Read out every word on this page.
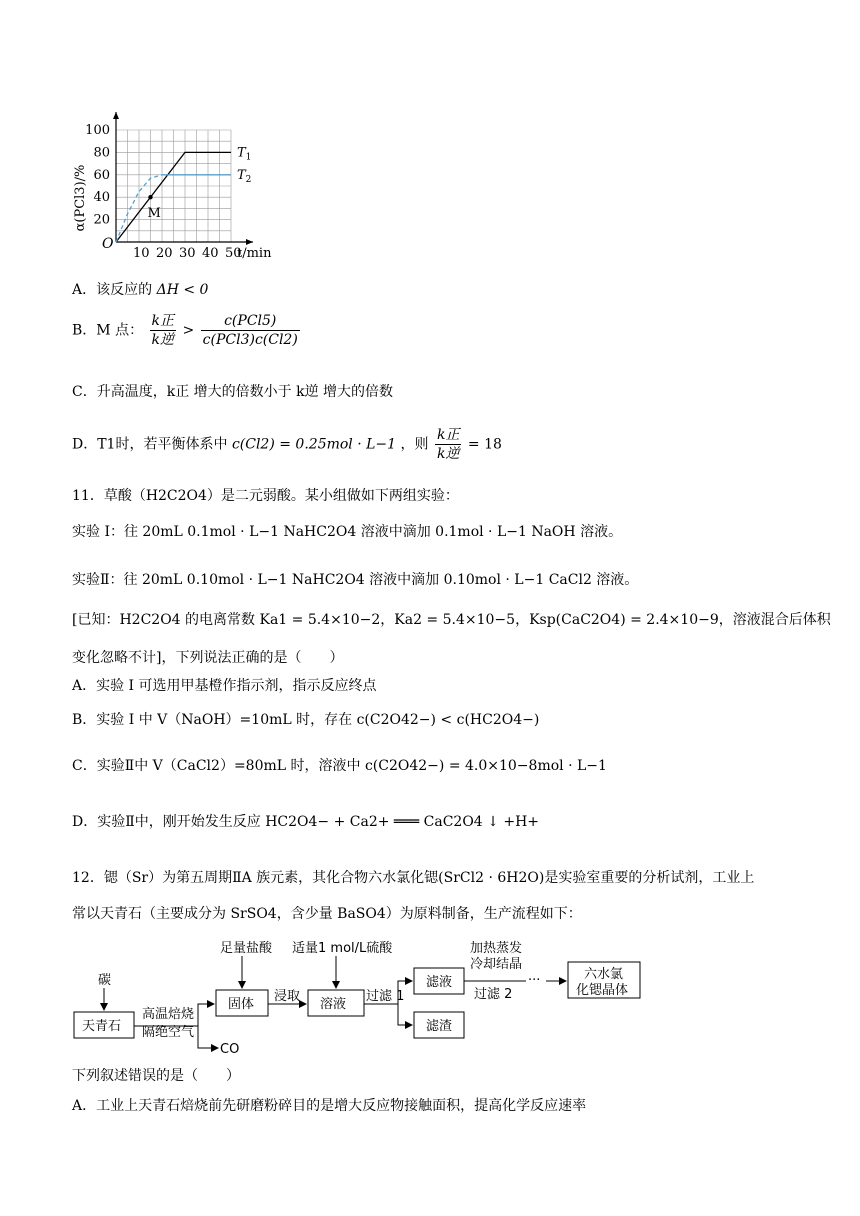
10 20 30 40 50
20
40
60
80
100
O
t/min
α(PCl3)/%
$T_1$
$T_2$
M
A．该反应的 ΔH < 0
B．M 点： $\frac{\text{k正}}{\text{k逆}} > \frac{\text{c(PCl5)}}{\text{c(PCl3)c(Cl2)}}$
C．升高温度，k正 增大的倍数小于 k逆 增大的倍数
D．T1时，若平衡体系中 c(Cl2) = 0.25mol · L−1 ，则 $\frac{\text{k正}}{\text{k逆}} = 18$
11．草酸（H2C2O4）是二元弱酸。某小组做如下两组实验：
实验 I：往 20mL 0.1mol · L−1 NaHC2O4 溶液中滴加 0.1mol · L−1 NaOH 溶液。
实验Ⅱ：往 20mL 0.10mol · L−1 NaHC2O4 溶液中滴加 0.10mol · L−1 CaCl2 溶液。
[已知：H2C2O4 的电离常数 Ka1 = 5.4×10−2，Ka2 = 5.4×10−5，Ksp(CaC2O4) = 2.4×10−9，溶液混合后体积
变化忽略不计]，下列说法正确的是（　　）
A．实验 I 可选用甲基橙作指示剂，指示反应终点
B．实验 I 中 V（NaOH）=10mL 时，存在 c(C2O42−) < c(HC2O4−)
C．实验Ⅱ中 V（CaCl2）=80mL 时，溶液中 c(C2O42−) = 4.0×10−8mol · L−1
D．实验Ⅱ中，刚开始发生反应 HC2O4− + Ca2+ ═══ CaC2O4 ↓ +H+
12．锶（Sr）为第五周期ⅡA 族元素，其化合物六水氯化锶(SrCl2 · 6H2O)是实验室重要的分析试剂，工业上
常以天青石（主要成分为 SrSO4，含少量 BaSO4）为原料制备，生产流程如下：
碳
天青石
高温焙烧
隔绝空气
CO
足量盐酸
固体
浸取
适量1 mol/L硫酸
溶液
过滤 1
滤液
滤渣
加热蒸发
冷却结晶
过滤 2
···	六水氯
化锶晶体
下列叙述错误的是（　　）
A．工业上天青石焙烧前先研磨粉碎目的是增大反应物接触面积，提高化学反应速率
